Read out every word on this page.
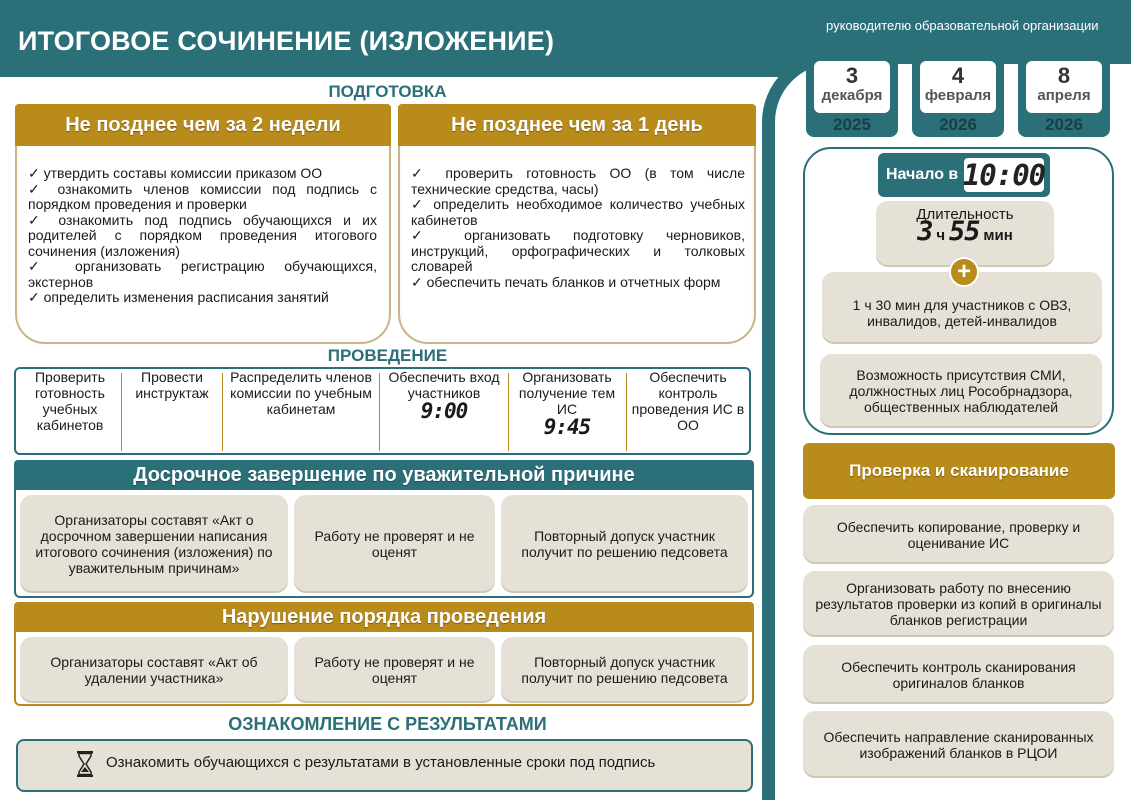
ИТОГОВОЕ СОЧИНЕНИЕ (ИЗЛОЖЕНИЕ)
руководителю образовательной организации
3
декабря
2025
4
февраля
2026
8
апреля
2026
ПОДГОТОВКА
Не позднее чем за 2 недели
✓ утвердить составы комиссии приказом ОО
✓ ознакомить членов комиссии под подпись с порядком проведения и проверки
✓ ознакомить под подпись обучающихся и их родителей с порядком проведения итогового сочинения (изложения)
✓ организовать регистрацию обучающихся, экстернов
✓ определить изменения расписания занятий
Не позднее чем за 1 день
✓ проверить готовность ОО (в том числе технические средства, часы)
✓ определить необходимое количество учебных кабинетов
✓ организовать подготовку черновиков, инструкций, орфографических и толковых словарей
✓ обеспечить печать бланков и отчетных форм
ПРОВЕДЕНИЕ
Проверить готовность учебных кабинетов
Провести инструктаж
Распределить членов комиссии по учебным кабинетам
Обеспечить вход участников
9:00
Организовать получение тем ИС
9:45
Обеспечить контроль проведения ИС в ОО
Досрочное завершение по уважительной причине
Организаторы составят «Акт о досрочном завершении написания итогового сочинения (изложения) по уважительным причинам»
Работу не проверят и не оценят
Повторный допуск участник получит по решению педсовета
Нарушение порядка проведения
Организаторы составят «Акт об удалении участника»
Работу не проверят и не оценят
Повторный допуск участник получит по решению педсовета
ОЗНАКОМЛЕНИЕ С РЕЗУЛЬТАТАМИ
Ознакомить обучающихся с результатами в установленные сроки под подпись
Начало в 10:00
Длительность
3 ч 55 мин
1 ч 30 мин для участников с ОВЗ, инвалидов, детей-инвалидов
+
Возможность присутствия СМИ, должностных лиц Рособрнадзора, общественных наблюдателей
Проверка и сканирование
Обеспечить копирование, проверку и оценивание ИС
Организовать работу по внесению результатов проверки из копий в оригиналы бланков регистрации
Обеспечить контроль сканирования оригиналов бланков
Обеспечить направление сканированных изображений бланков в РЦОИ
